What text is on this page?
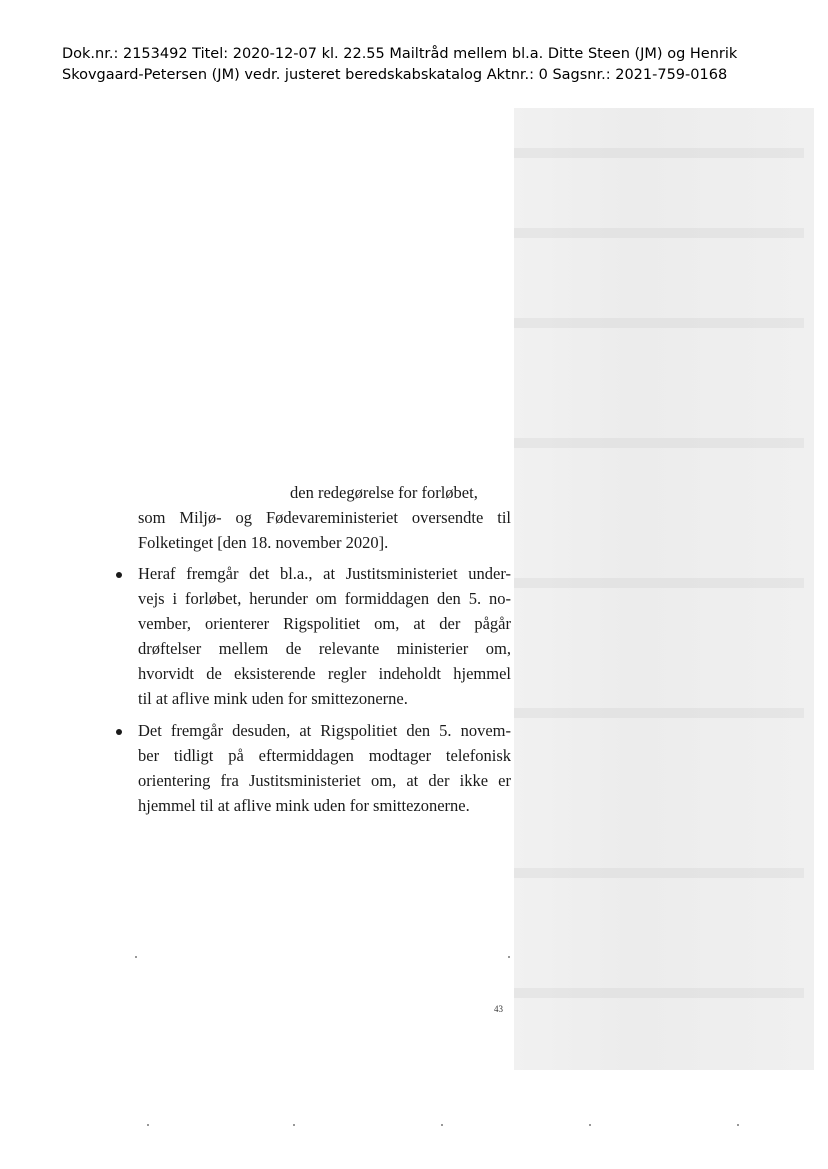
Dok.nr.: 2153492 Titel: 2020-12-07 kl. 22.55 Mailtråd mellem bl.a. Ditte Steen (JM) og Henrik
Skovgaard-Petersen (JM) vedr. justeret beredskabskatalog Aktnr.: 0 Sagsnr.: 2021-759-0168
den redegørelse for forløbet,
som Miljø- og Fødevareministeriet oversendte til
Folketinget [den 18. november 2020].
Heraf fremgår det bl.a., at Justitsministeriet under-
vejs i forløbet, herunder om formiddagen den 5. no-
vember, orienterer Rigspolitiet om, at der pågår
drøftelser mellem de relevante ministerier om,
hvorvidt de eksisterende regler indeholdt hjemmel
til at aflive mink uden for smittezonerne.
Det fremgår desuden, at Rigspolitiet den 5. novem-
ber tidligt på eftermiddagen modtager telefonisk
orientering fra Justitsministeriet om, at der ikke er
hjemmel til at aflive mink uden for smittezonerne.
43
